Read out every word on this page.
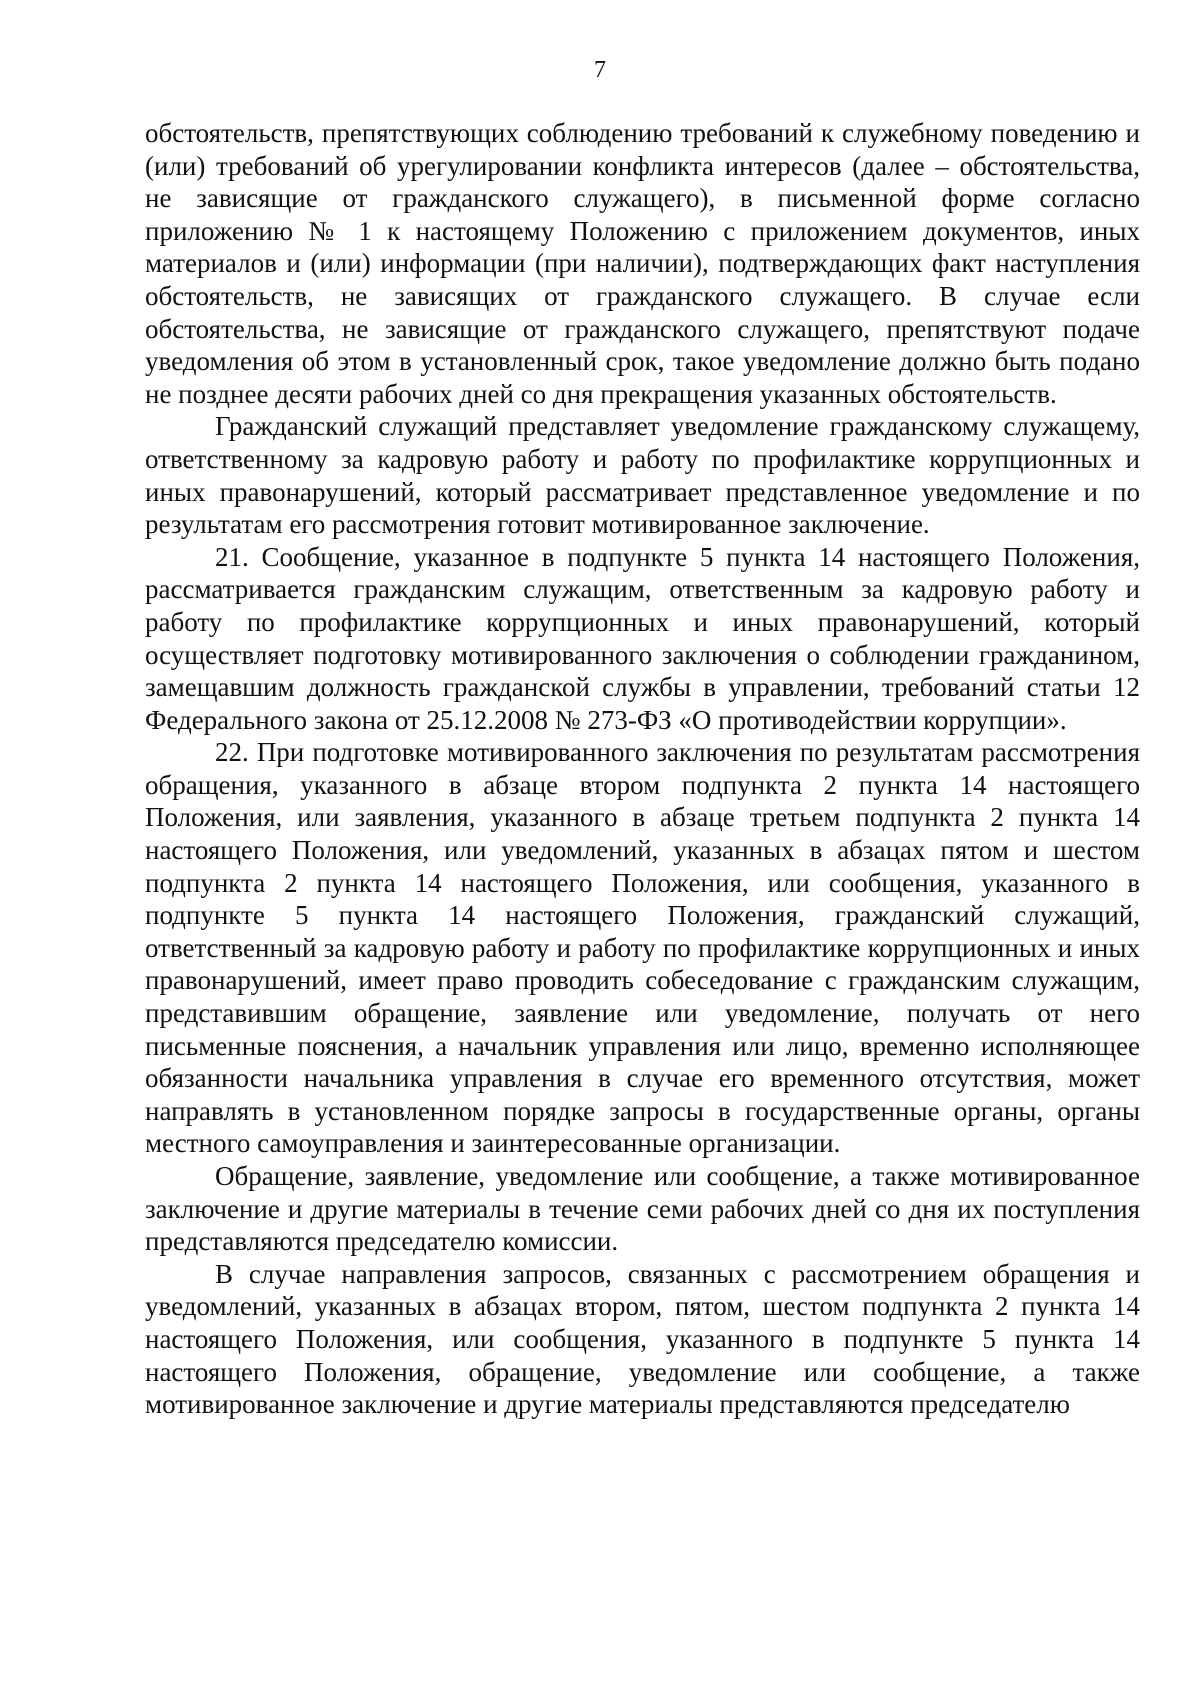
7

обстоятельств, препятствующих соблюдению требований к служебному поведению и (или) требований об урегулировании конфликта интересов (далее – обстоятельства, не зависящие от гражданского служащего), в письменной форме согласно приложению № 1 к настоящему Положению с приложением документов, иных материалов и (или) информации (при наличии), подтверждающих факт наступления обстоятельств, не зависящих от гражданского служащего. В случае если обстоятельства, не зависящие от гражданского служащего, препятствуют подаче уведомления об этом в установленный срок, такое уведомление должно быть подано не позднее десяти рабочих дней со дня прекращения указанных обстоятельств.

Гражданский служащий представляет уведомление гражданскому служащему, ответственному за кадровую работу и работу по профилактике коррупционных и иных правонарушений, который рассматривает представленное уведомление и по результатам его рассмотрения готовит мотивированное заключение.

21. Сообщение, указанное в подпункте 5 пункта 14 настоящего Положения, рассматривается гражданским служащим, ответственным за кадровую работу и работу по профилактике коррупционных и иных правонарушений, который осуществляет подготовку мотивированного заключения о соблюдении гражданином, замещавшим должность гражданской службы в управлении, требований статьи 12 Федерального закона от 25.12.2008 № 273-ФЗ «О противодействии коррупции».

22. При подготовке мотивированного заключения по результатам рассмотрения обращения, указанного в абзаце втором подпункта 2 пункта 14 настоящего Положения, или заявления, указанного в абзаце третьем подпункта 2 пункта 14 настоящего Положения, или уведомлений, указанных в абзацах пятом и шестом подпункта 2 пункта 14 настоящего Положения, или сообщения, указанного в подпункте 5 пункта 14 настоящего Положения, гражданский служащий, ответственный за кадровую работу и работу по профилактике коррупционных и иных правонарушений, имеет право проводить собеседование с гражданским служащим, представившим обращение, заявление или уведомление, получать от него письменные пояснения, а начальник управления или лицо, временно исполняющее обязанности начальника управления в случае его временного отсутствия, может направлять в установленном порядке запросы в государственные органы, органы местного самоуправления и заинтересованные организации.

Обращение, заявление, уведомление или сообщение, а также мотивированное заключение и другие материалы в течение семи рабочих дней со дня их поступления представляются председателю комиссии.

В случае направления запросов, связанных с рассмотрением обращения и уведомлений, указанных в абзацах втором, пятом, шестом подпункта 2 пункта 14 настоящего Положения, или сообщения, указанного в подпункте 5 пункта 14 настоящего Положения, обращение, уведомление или сообщение, а также мотивированное заключение и другие материалы представляются председателю
